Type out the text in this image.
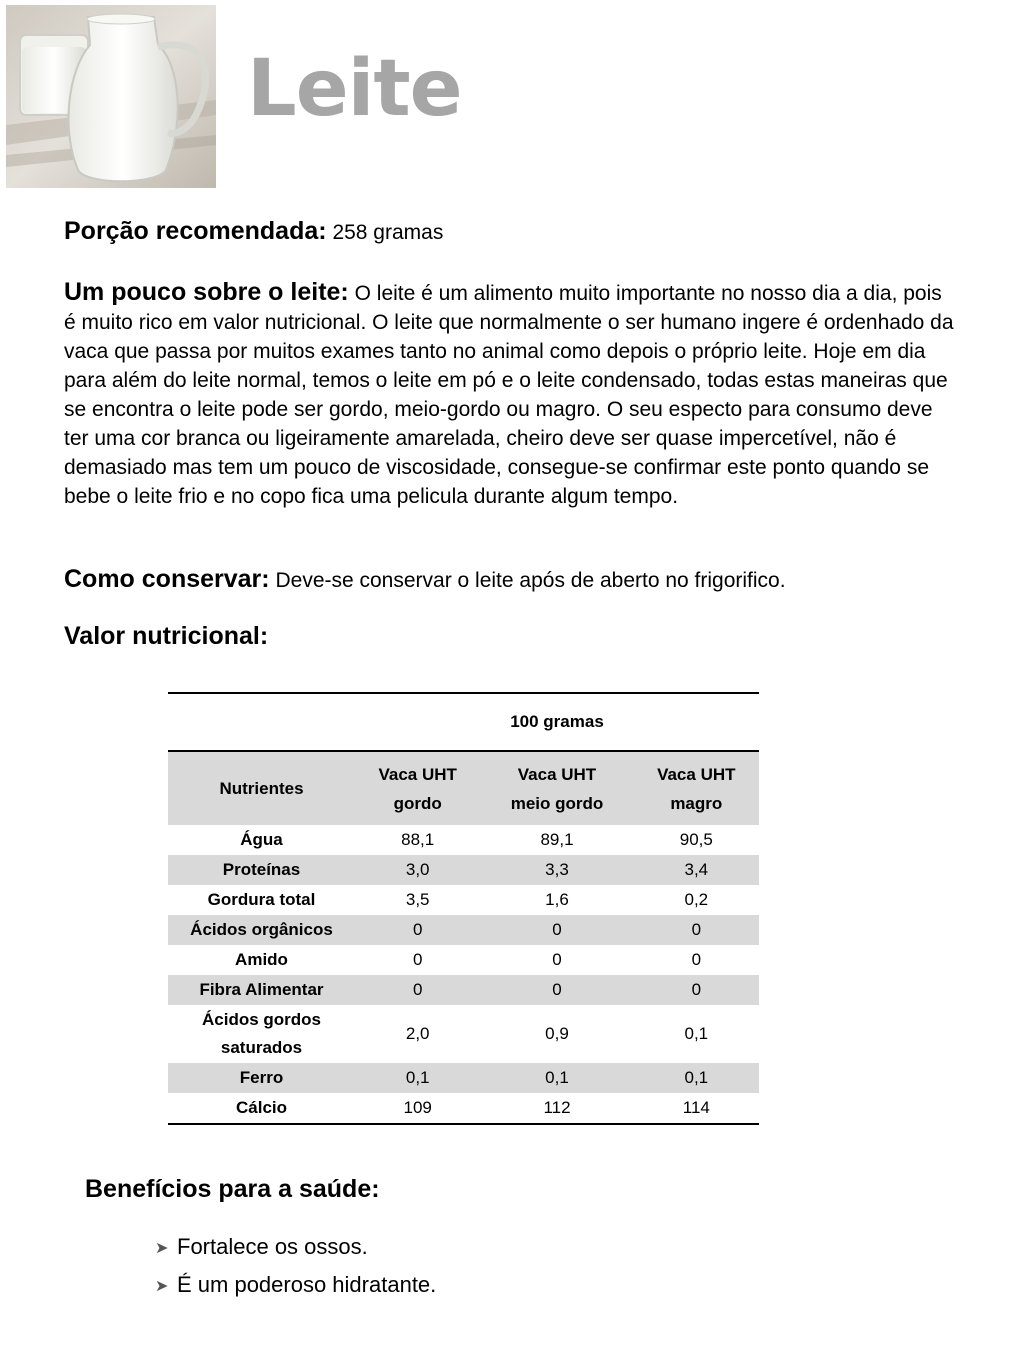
Leite
Porção recomendada: 258 gramas
Um pouco sobre o leite: O leite é um alimento muito importante no nosso dia a dia, pois é muito rico em valor nutricional. O leite que normalmente o ser humano ingere é ordenhado da vaca que passa por muitos exames tanto no animal como depois o próprio leite. Hoje em dia para além do leite normal, temos o leite em pó e o leite condensado, todas estas maneiras que se encontra o leite pode ser gordo, meio-gordo ou magro. O seu especto para consumo deve ter uma cor branca ou ligeiramente amarelada, cheiro deve ser quase impercetível, não é demasiado mas tem um pouco de viscosidade, consegue-se confirmar este ponto quando se bebe o leite frio e no copo fica uma pelicula durante algum tempo.
Como conservar: Deve-se conservar o leite após de aberto no frigorifico.
Valor nutricional:
	100 gramas		
Nutrientes	Vaca UHT gordo	Vaca UHT meio gordo	Vaca UHT magro
Água	88,1	89,1	90,5
Proteínas	3,0	3,3	3,4
Gordura total	3,5	1,6	0,2
Ácidos orgânicos	0	0	0
Amido	0	0	0
Fibra Alimentar	0	0	0
Ácidos gordos saturados	2,0	0,9	0,1
Ferro	0,1	0,1	0,1
Cálcio	109	112	114
Benefícios para a saúde:
➤ Fortalece os ossos.
➤ É um poderoso hidratante.
